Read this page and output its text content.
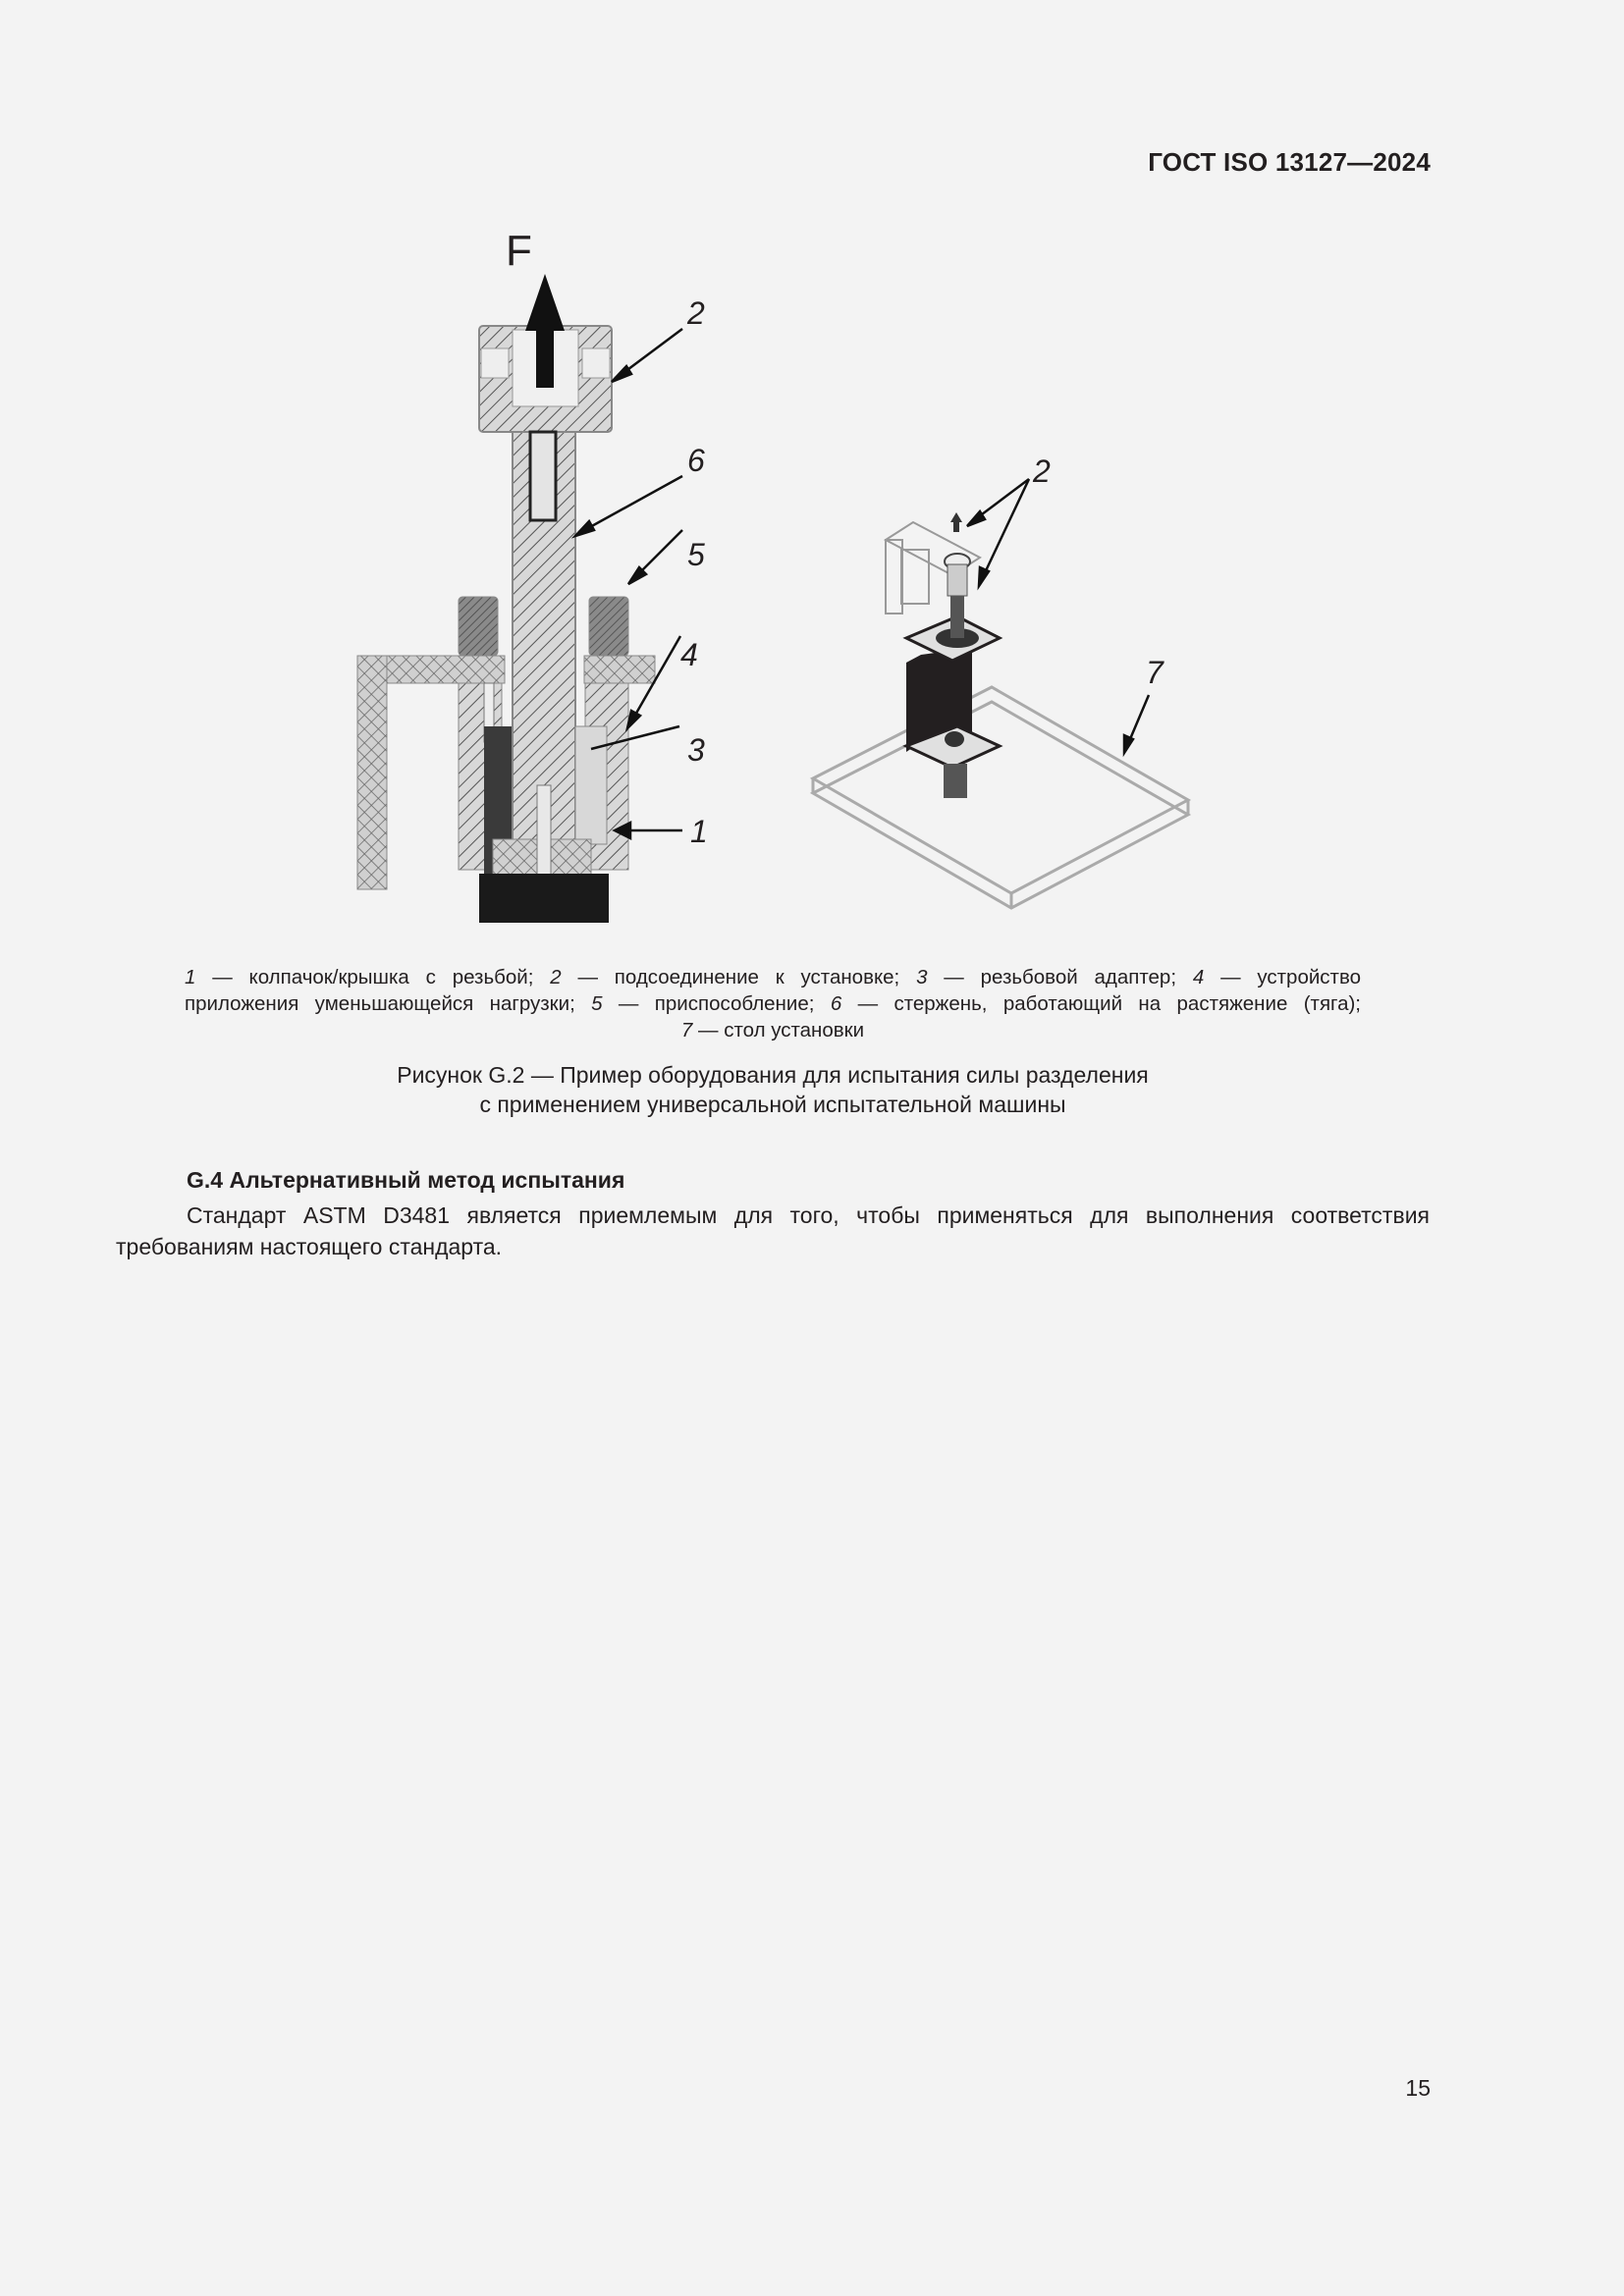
ГОСТ ISO 13127—2024
F
2
6
5
4
3
1
2
7
1 — колпачок/крышка с резьбой; 2 — подсоединение к установке; 3 — резьбовой адаптер; 4 — устройство
приложения уменьшающейся нагрузки; 5 — приспособление; 6 — стержень, работающий на растяжение (тяга);
7 — стол установки
Рисунок G.2 — Пример оборудования для испытания силы разделения
с применением универсальной испытательной машины
G.4 Альтернативный метод испытания
Стандарт ASTM D3481 является приемлемым для того, чтобы применяться для выполнения соответствия требованиям настоящего стандарта.
15
